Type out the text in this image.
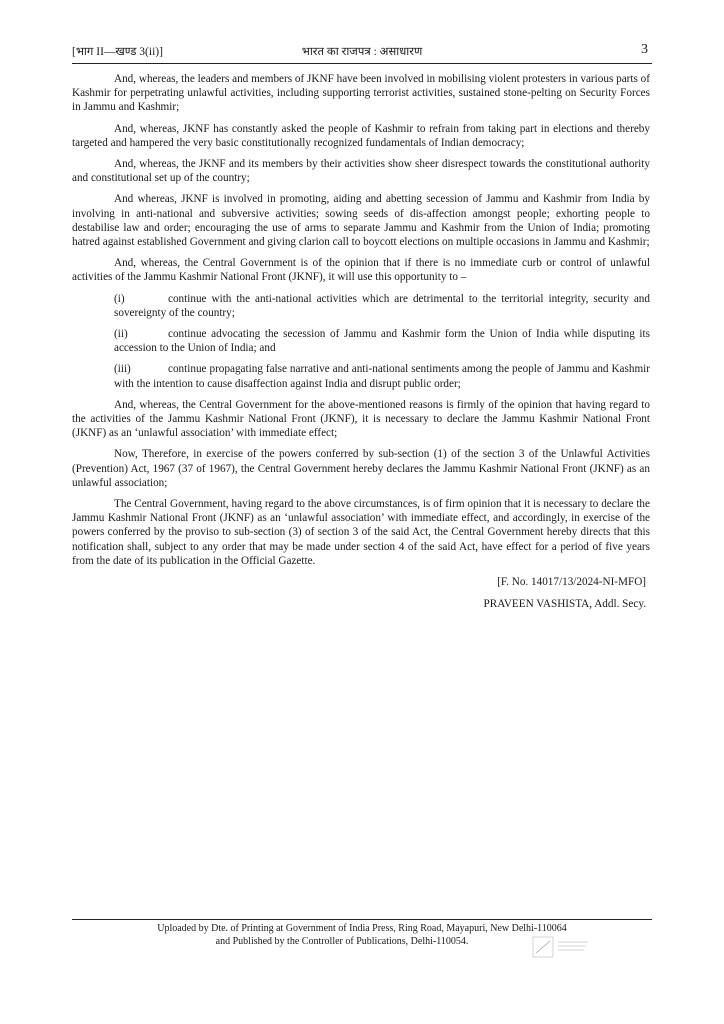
[भाग II—खण्ड 3(ii)]	भारत का राजपत्र : असाधारण	3

And, whereas, the leaders and members of JKNF have been involved in mobilising violent protesters in various parts of Kashmir for perpetrating unlawful activities, including supporting terrorist activities, sustained stone-pelting on Security Forces in Jammu and Kashmir;

And, whereas, JKNF has constantly asked the people of Kashmir to refrain from taking part in elections and thereby targeted and hampered the very basic constitutionally recognized fundamentals of Indian democracy;

And, whereas, the JKNF and its members by their activities show sheer disrespect towards the constitutional authority and constitutional set up of the country;

And whereas, JKNF is involved in promoting, aiding and abetting secession of Jammu and Kashmir from India by involving in anti-national and subversive activities; sowing seeds of dis-affection amongst people; exhorting people to destabilise law and order; encouraging the use of arms to separate Jammu and Kashmir from the Union of India; promoting hatred against established Government and giving clarion call to boycott elections on multiple occasions in Jammu and Kashmir;

And, whereas, the Central Government is of the opinion that if there is no immediate curb or control of unlawful activities of the Jammu Kashmir National Front (JKNF), it will use this opportunity to –

(i)	continue with the anti-national activities which are detrimental to the territorial integrity, security and sovereignty of the country;

(ii)	continue advocating the secession of Jammu and Kashmir form the Union of India while disputing its accession to the Union of India; and

(iii)	continue propagating false narrative and anti-national sentiments among the people of Jammu and Kashmir with the intention to cause disaffection against India and disrupt public order;

And, whereas, the Central Government for the above-mentioned reasons is firmly of the opinion that having regard to the activities of the Jammu Kashmir National Front (JKNF), it is necessary to declare the Jammu Kashmir National Front (JKNF) as an ‘unlawful association’ with immediate effect;

Now, Therefore, in exercise of the powers conferred by sub-section (1) of the section 3 of the Unlawful Activities (Prevention) Act, 1967 (37 of 1967), the Central Government hereby declares the Jammu Kashmir National Front (JKNF) as an unlawful association;

The Central Government, having regard to the above circumstances, is of firm opinion that it is necessary to declare the Jammu Kashmir National Front (JKNF) as an ‘unlawful association’ with immediate effect, and accordingly, in exercise of the powers conferred by the proviso to sub-section (3) of section 3 of the said Act, the Central Government hereby directs that this notification shall, subject to any order that may be made under section 4 of the said Act, have effect for a period of five years from the date of its publication in the Official Gazette.

[F. No. 14017/13/2024-NI-MFO]
PRAVEEN VASHISTA, Addl. Secy.
Uploaded by Dte. of Printing at Government of India Press, Ring Road, Mayapuri, New Delhi-110064
and Published by the Controller of Publications, Delhi-110054.
